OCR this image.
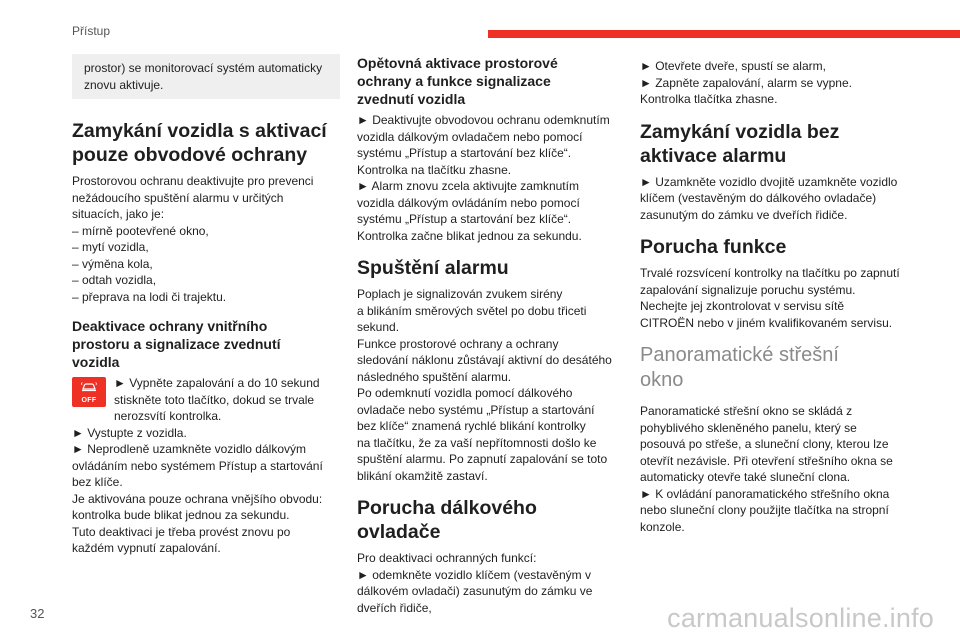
Přístup

prostor) se monitorovací systém automaticky

znovu aktivuje.

Zamykání vozidla s aktivací
pouze obvodové ochrany

Prostorovou ochranu deaktivujte pro prevenci

nežádoucího spuštění alarmu v určitých

situacích, jako je:

– mírně pootevřené okno,

– mytí vozidla,

– výměna kola,

– odtah vozidla,

– přeprava na lodi či trajektu.

Deaktivace ochrany vnitřního
prostoru a signalizace zvednutí
vozidla
OFF

► Vypněte zapalování a do 10 sekund

stiskněte toto tlačítko, dokud se trvale

nerozsvítí kontrolka.

► Vystupte z vozidla.

► Neprodleně uzamkněte vozidlo dálkovým

ovládáním nebo systémem Přístup a startování

bez klíče.

Je aktivována pouze ochrana vnějšího obvodu:

kontrolka bude blikat jednou za sekundu.

Tuto deaktivaci je třeba provést znovu po

každém vypnutí zapalování.

Opětovná aktivace prostorové
ochrany a funkce signalizace
zvednutí vozidla

► Deaktivujte obvodovou ochranu odemknutím

vozidla dálkovým ovladačem nebo pomocí

systému „Přístup a startování bez klíče“.

Kontrolka na tlačítku zhasne.

► Alarm znovu zcela aktivujte zamknutím

vozidla dálkovým ovládáním nebo pomocí

systému „Přístup a startování bez klíče“.

Kontrolka začne blikat jednou za sekundu.

Spuštění alarmu

Poplach je signalizován zvukem sirény

a blikáním směrových světel po dobu třiceti

sekund.

Funkce prostorové ochrany a ochrany

sledování náklonu zůstávají aktivní do desátého

následného spuštění alarmu.

Po odemknutí vozidla pomocí dálkového

ovladače nebo systému „Přístup a startování

bez klíče“ znamená rychlé blikání kontrolky

na tlačítku, že za vaší nepřítomnosti došlo ke

spuštění alarmu. Po zapnutí zapalování se toto

blikání okamžitě zastaví.

Porucha dálkového
ovladače

Pro deaktivaci ochranných funkcí:

► odemkněte vozidlo klíčem (vestavěným v

dálkovém ovladači) zasunutým do zámku ve

dveřích řidiče,

► Otevřete dveře, spustí se alarm,

► Zapněte zapalování, alarm se vypne.

Kontrolka tlačítka zhasne.

Zamykání vozidla bez
aktivace alarmu

► Uzamkněte vozidlo dvojitě uzamkněte vozidlo

klíčem (vestavěným do dálkového ovladače)

zasunutým do zámku ve dveřích řidiče.

Porucha funkce

Trvalé rozsvícení kontrolky na tlačítku po zapnutí

zapalování signalizuje poruchu systému.

Nechejte jej zkontrolovat v servisu sítě

CITROËN nebo v jiném kvalifikovaném servisu.

Panoramatické střešní
okno

Panoramatické střešní okno se skládá z

pohyblivého skleněného panelu, který se

posouvá po střeše, a sluneční clony, kterou lze

otevřít nezávisle. Při otevření střešního okna se

automaticky otevře také sluneční clona.

► K ovládání panoramatického střešního okna

nebo sluneční clony použijte tlačítka na stropní

konzole.

32	carmanualsonline.info
